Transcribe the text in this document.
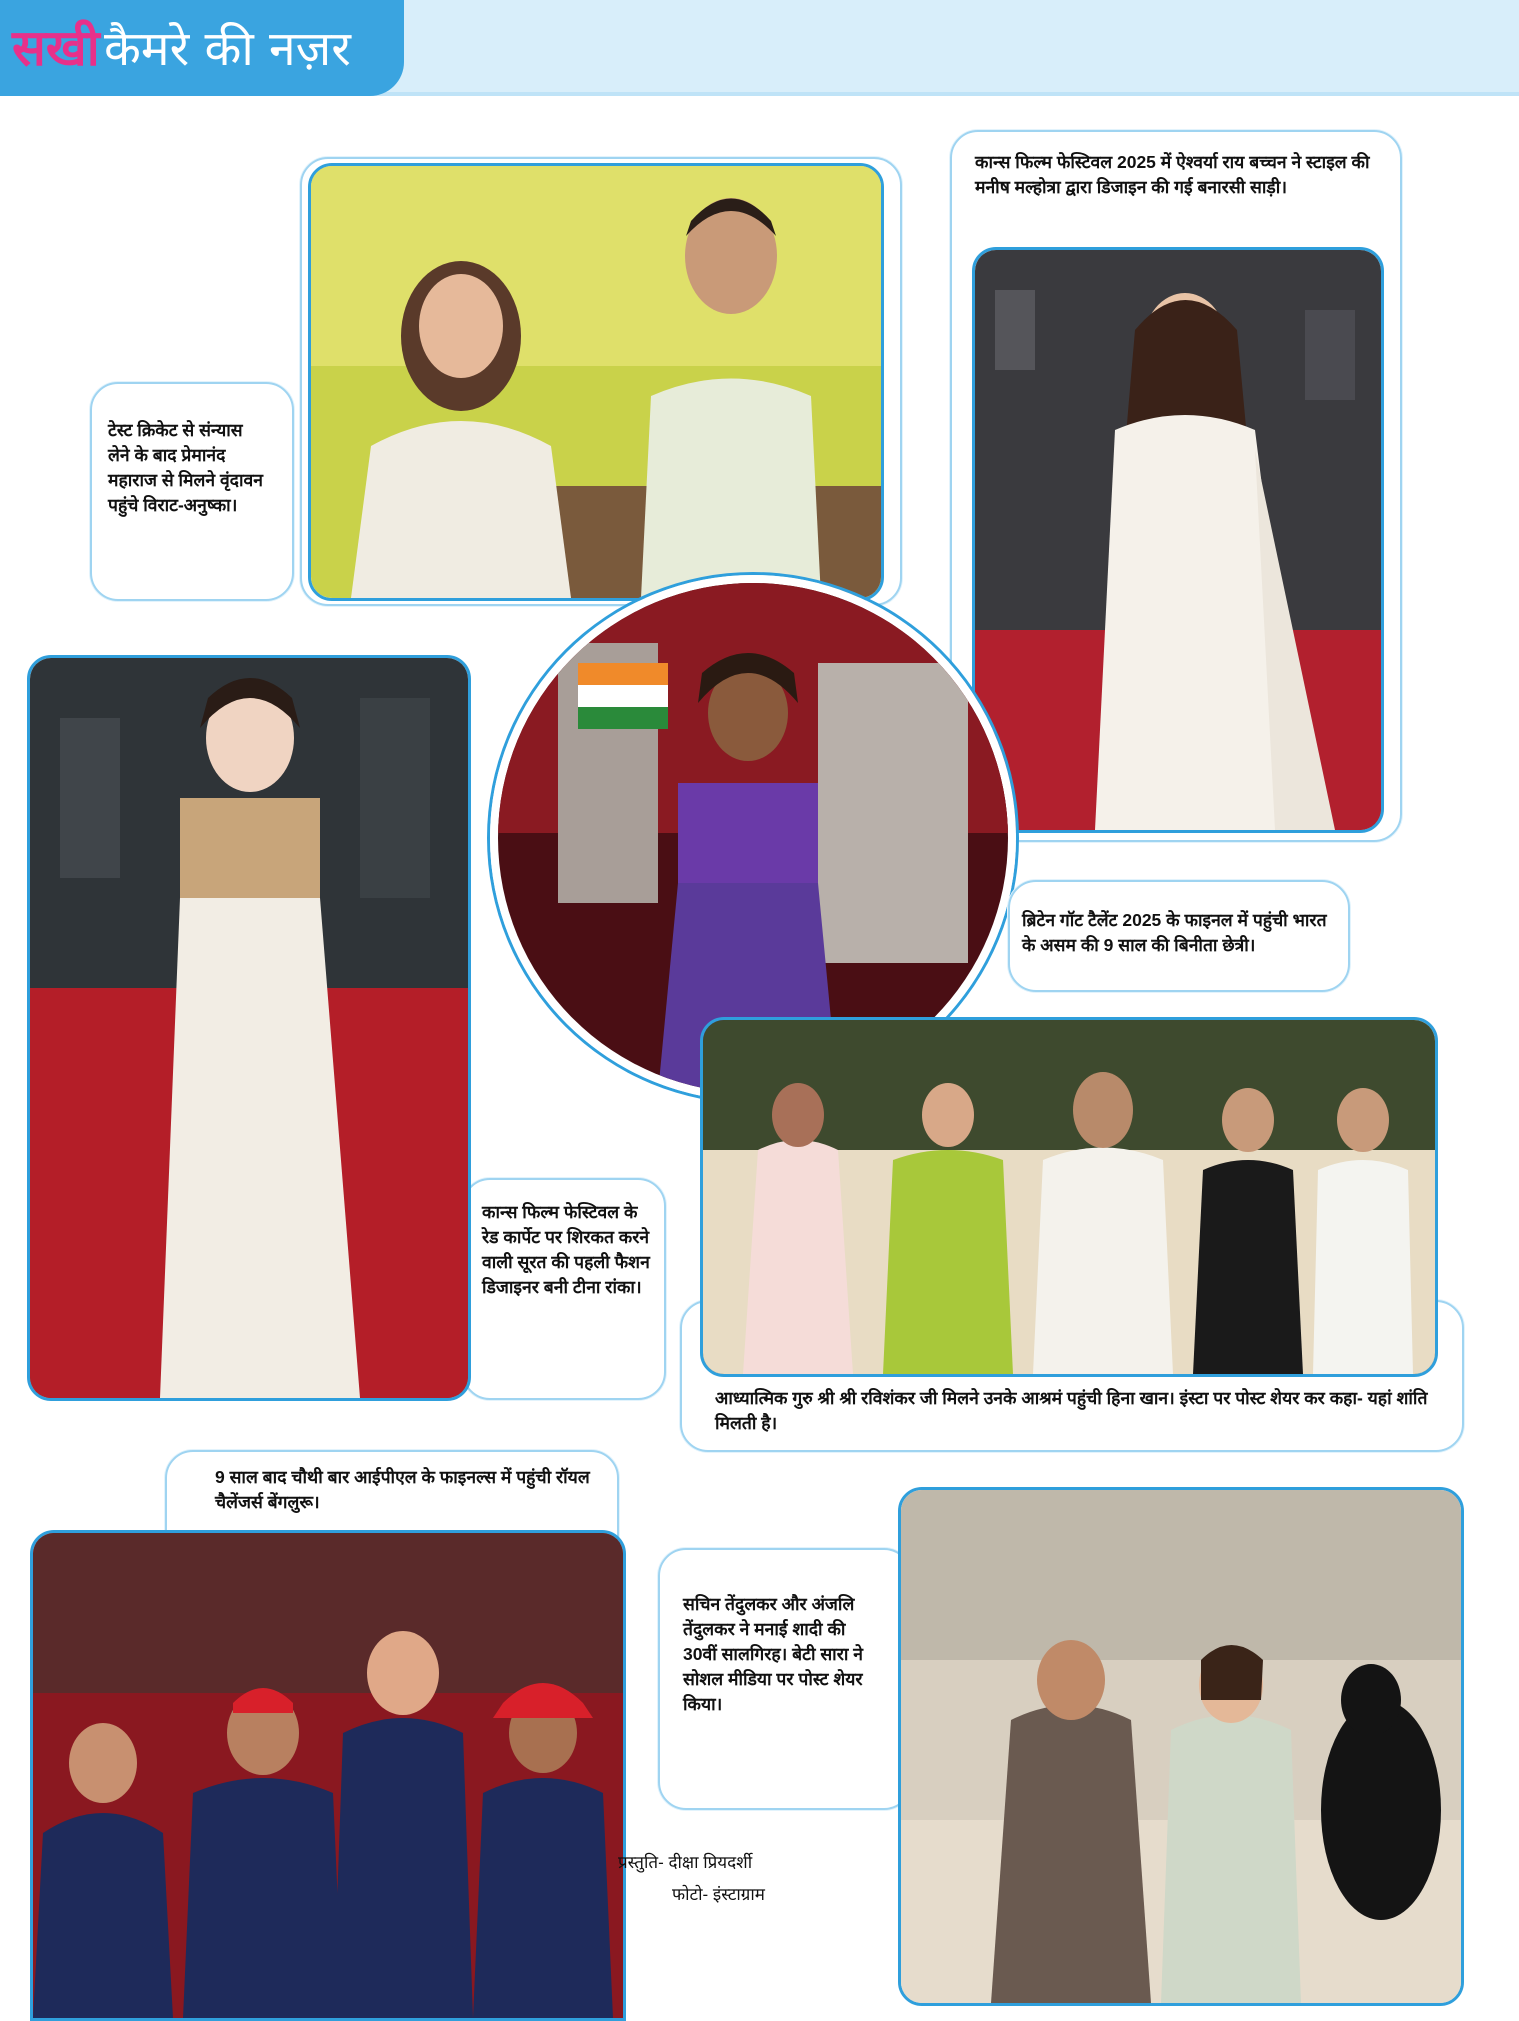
सखी कैमरे की नज़र
टेस्ट क्रिकेट से संन्यास लेने के बाद प्रेमानंद महाराज से मिलने वृंदावन पहुंचे विराट-अनुष्का।
कान्स फिल्म फेस्टिवल 2025 में ऐश्वर्या राय बच्चन ने स्टाइल की मनीष मल्होत्रा द्वारा डिजाइन की गई बनारसी साड़ी।
कान्स फिल्म फेस्टिवल के रेड कार्पेट पर शिरकत करने वाली सूरत की पहली फैशन डिजाइनर बनी टीना रांका।
ब्रिटेन गॉट टैलेंट 2025 के फाइनल में पहुंची भारत के असम की 9 साल की बिनीता छेत्री।
आध्यात्मिक गुरु श्री श्री रविशंकर जी मिलने उनके आश्रमं पहुंची हिना खान। इंस्टा पर पोस्ट शेयर कर कहा- यहां शांति मिलती है।
9 साल बाद चौथी बार आईपीएल के फाइनल्स में पहुंची रॉयल चैलेंजर्स बेंगलुरू।
सचिन तेंदुलकर और अंजलि तेंदुलकर ने मनाई शादी की 30वीं सालगिरह। बेटी सारा ने सोशल मीडिया पर पोस्ट शेयर किया।
प्रस्तुति- दीक्षा प्रियदर्शी
फोटो- इंस्टाग्राम
